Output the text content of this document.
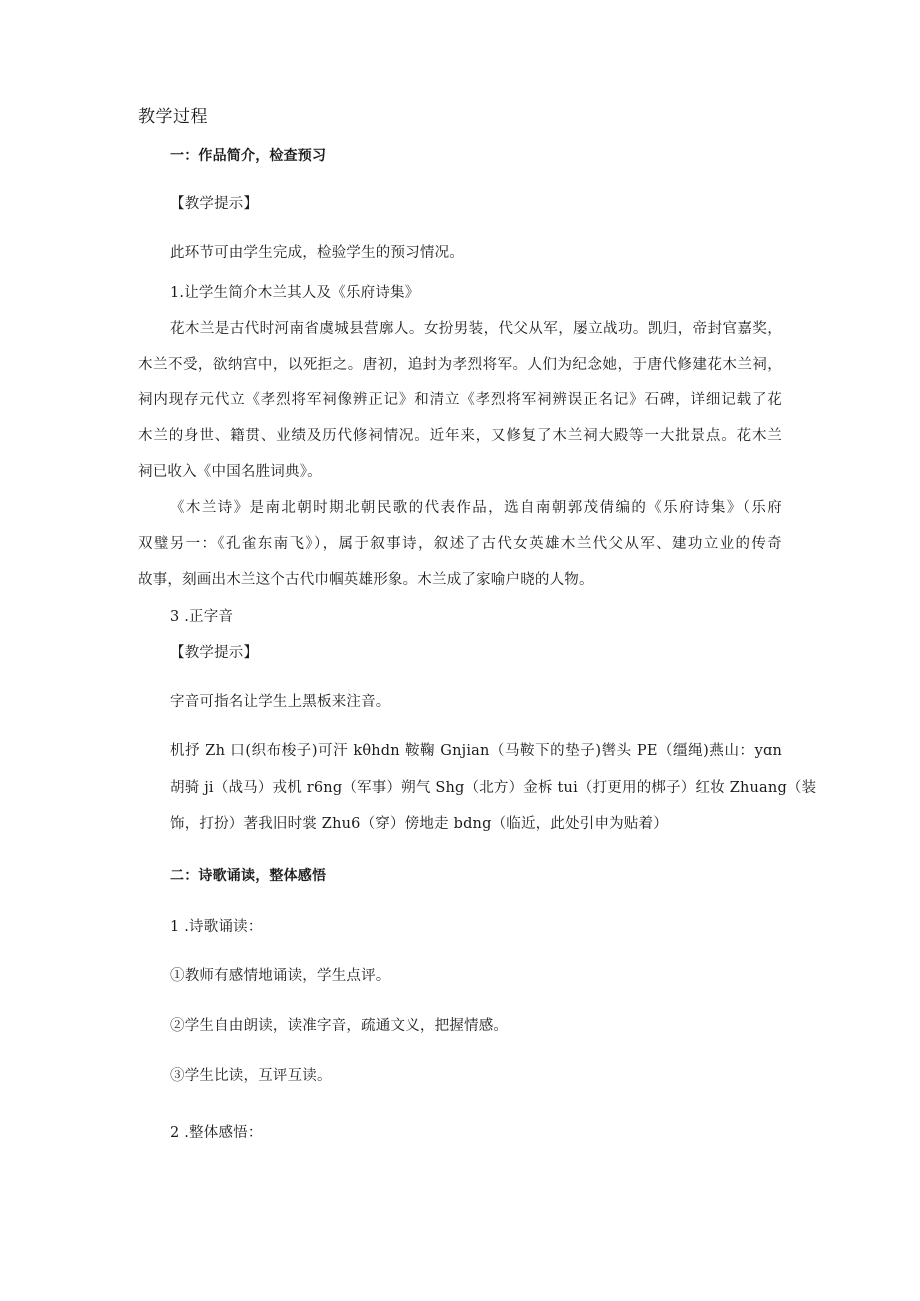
教学过程
一：作品简介，检查预习
【教学提示】
此环节可由学生完成，检验学生的预习情况。
1.让学生简介木兰其人及《乐府诗集》
花木兰是古代时河南省虞城县营廓人。女扮男装，代父从军，屡立战功。凯归，帝封官嘉奖，
木兰不受，欲纳宫中，以死拒之。唐初，追封为孝烈将军。人们为纪念她，于唐代修建花木兰祠，
祠内现存元代立《孝烈将军祠像辨正记》和清立《孝烈将军祠辨误正名记》石碑，详细记载了花
木兰的身世、籍贯、业绩及历代修祠情况。近年来，又修复了木兰祠大殿等一大批景点。花木兰
祠已收入《中国名胜词典》。
《木兰诗》是南北朝时期北朝民歌的代表作品，选自南朝郭茂倩编的《乐府诗集》（乐府
双璧另一：《孔雀东南飞》），属于叙事诗，叙述了古代女英雄木兰代父从军、建功立业的传奇
故事，刻画出木兰这个古代巾帼英雄形象。木兰成了家喻户晓的人物。
3 .正字音
【教学提示】
字音可指名让学生上黑板来注音。
机抒 Zh 口(织布梭子)可汗 kθhdn 鞍鞠 Gnjian（马鞍下的垫子)辔头 PE（缰绳)燕山：yɑn
胡骑 ji（战马）戎机 r6ng（军事）朔气 Shg（北方）金柝 tui（打更用的梆子）红妆 Zhuang（装
饰，打扮）著我旧时裳 Zhu6（穿）傍地走 bdng（临近，此处引申为贴着）
二：诗歌诵读，整体感悟
1 .诗歌诵读：
①教师有感情地诵读，学生点评。
②学生自由朗读，读准字音，疏通文义，把握情感。
③学生比读，互评互读。
2 .整体感悟：
